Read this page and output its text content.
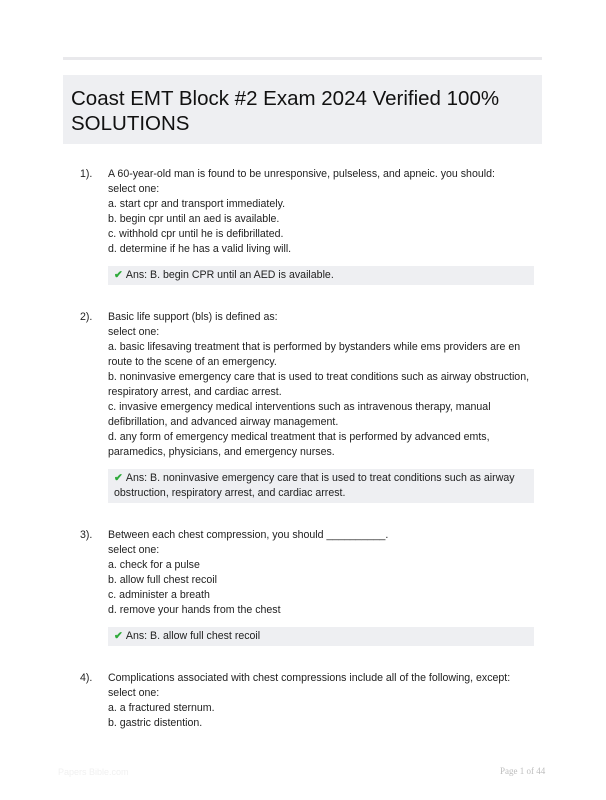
Coast EMT Block #2 Exam 2024 Verified 100%
SOLUTIONS
1). A 60-year-old man is found to be unresponsive, pulseless, and apneic. you should:
select one:
a. start cpr and transport immediately.
b. begin cpr until an aed is available.
c. withhold cpr until he is defibrillated.
d. determine if he has a valid living will.
✔ Ans: B. begin CPR until an AED is available.
2). Basic life support (bls) is defined as:
select one:
a. basic lifesaving treatment that is performed by bystanders while ems providers are en route to the scene of an emergency.
b. noninvasive emergency care that is used to treat conditions such as airway obstruction, respiratory arrest, and cardiac arrest.
c. invasive emergency medical interventions such as intravenous therapy, manual defibrillation, and advanced airway management.
d. any form of emergency medical treatment that is performed by advanced emts, paramedics, physicians, and emergency nurses.
✔ Ans: B. noninvasive emergency care that is used to treat conditions such as airway obstruction, respiratory arrest, and cardiac arrest.
3). Between each chest compression, you should __________.
select one:
a. check for a pulse
b. allow full chest recoil
c. administer a breath
d. remove your hands from the chest
✔ Ans: B. allow full chest recoil
4). Complications associated with chest compressions include all of the following, except:
select one:
a. a fractured sternum.
b. gastric distention.
Papers Bible.com	Page 1 of 44
